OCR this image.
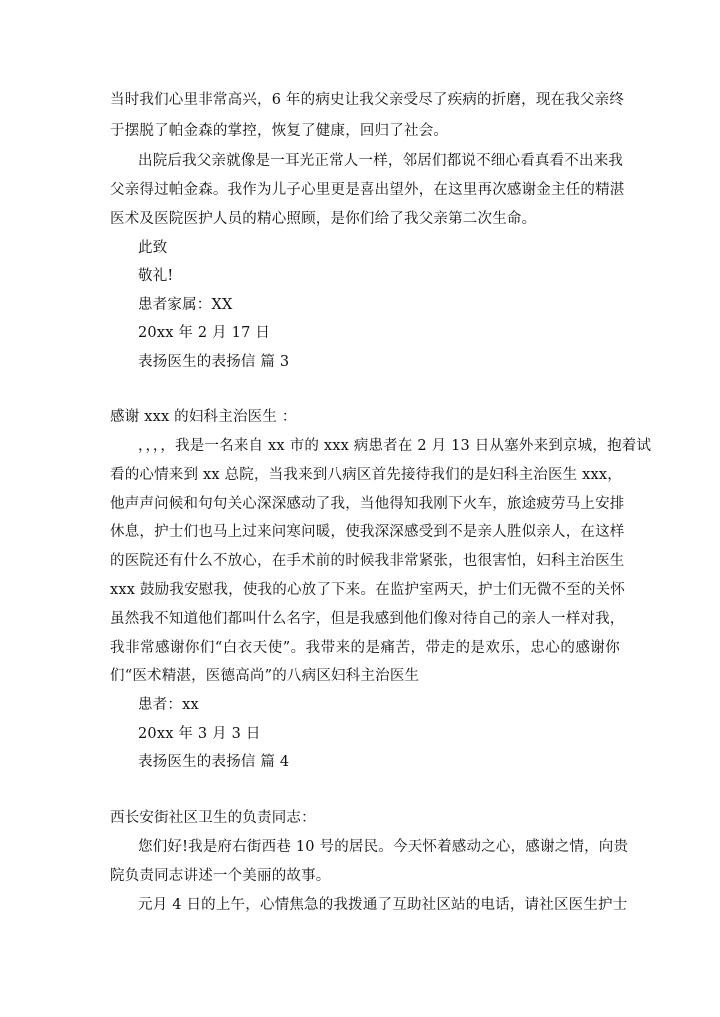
当时我们心里非常高兴，6 年的病史让我父亲受尽了疾病的折磨，现在我父亲终
于摆脱了帕金森的掌控，恢复了健康，回归了社会。
出院后我父亲就像是一耳光正常人一样，邻居们都说不细心看真看不出来我
父亲得过帕金森。我作为儿子心里更是喜出望外，在这里再次感谢金主任的精湛
医术及医院医护人员的精心照顾，是你们给了我父亲第二次生命。
此致
敬礼!
患者家属：XX
20xx 年 2 月 17 日
表扬医生的表扬信 篇 3
感谢 xxx 的妇科主治医生 ：
，，，，我是一名来自 xx 市的 xxx 病患者在 2 月 13 日从塞外来到京城，抱着试
看的心情来到 xx 总院，当我来到八病区首先接待我们的是妇科主治医生 xxx，
他声声问候和句句关心深深感动了我，当他得知我刚下火车，旅途疲劳马上安排
休息，护士们也马上过来问寒问暖，使我深深感受到不是亲人胜似亲人，在这样
的医院还有什么不放心，在手术前的时候我非常紧张，也很害怕，妇科主治医生
xxx 鼓励我安慰我，使我的心放了下来。在监护室两天，护士们无微不至的关怀
虽然我不知道他们都叫什么名字，但是我感到他们像对待自己的亲人一样对我，
我非常感谢你们“白衣天使”。我带来的是痛苦，带走的是欢乐，忠心的感谢你
们“医术精湛，医德高尚”的八病区妇科主治医生
患者：xx
20xx 年 3 月 3 日
表扬医生的表扬信 篇 4
西长安街社区卫生的负责同志：
您们好!我是府右街西巷 10 号的居民。今天怀着感动之心，感谢之情，向贵
院负责同志讲述一个美丽的故事。
元月 4 日的上午，心情焦急的我拨通了互助社区站的电话，请社区医生护士
